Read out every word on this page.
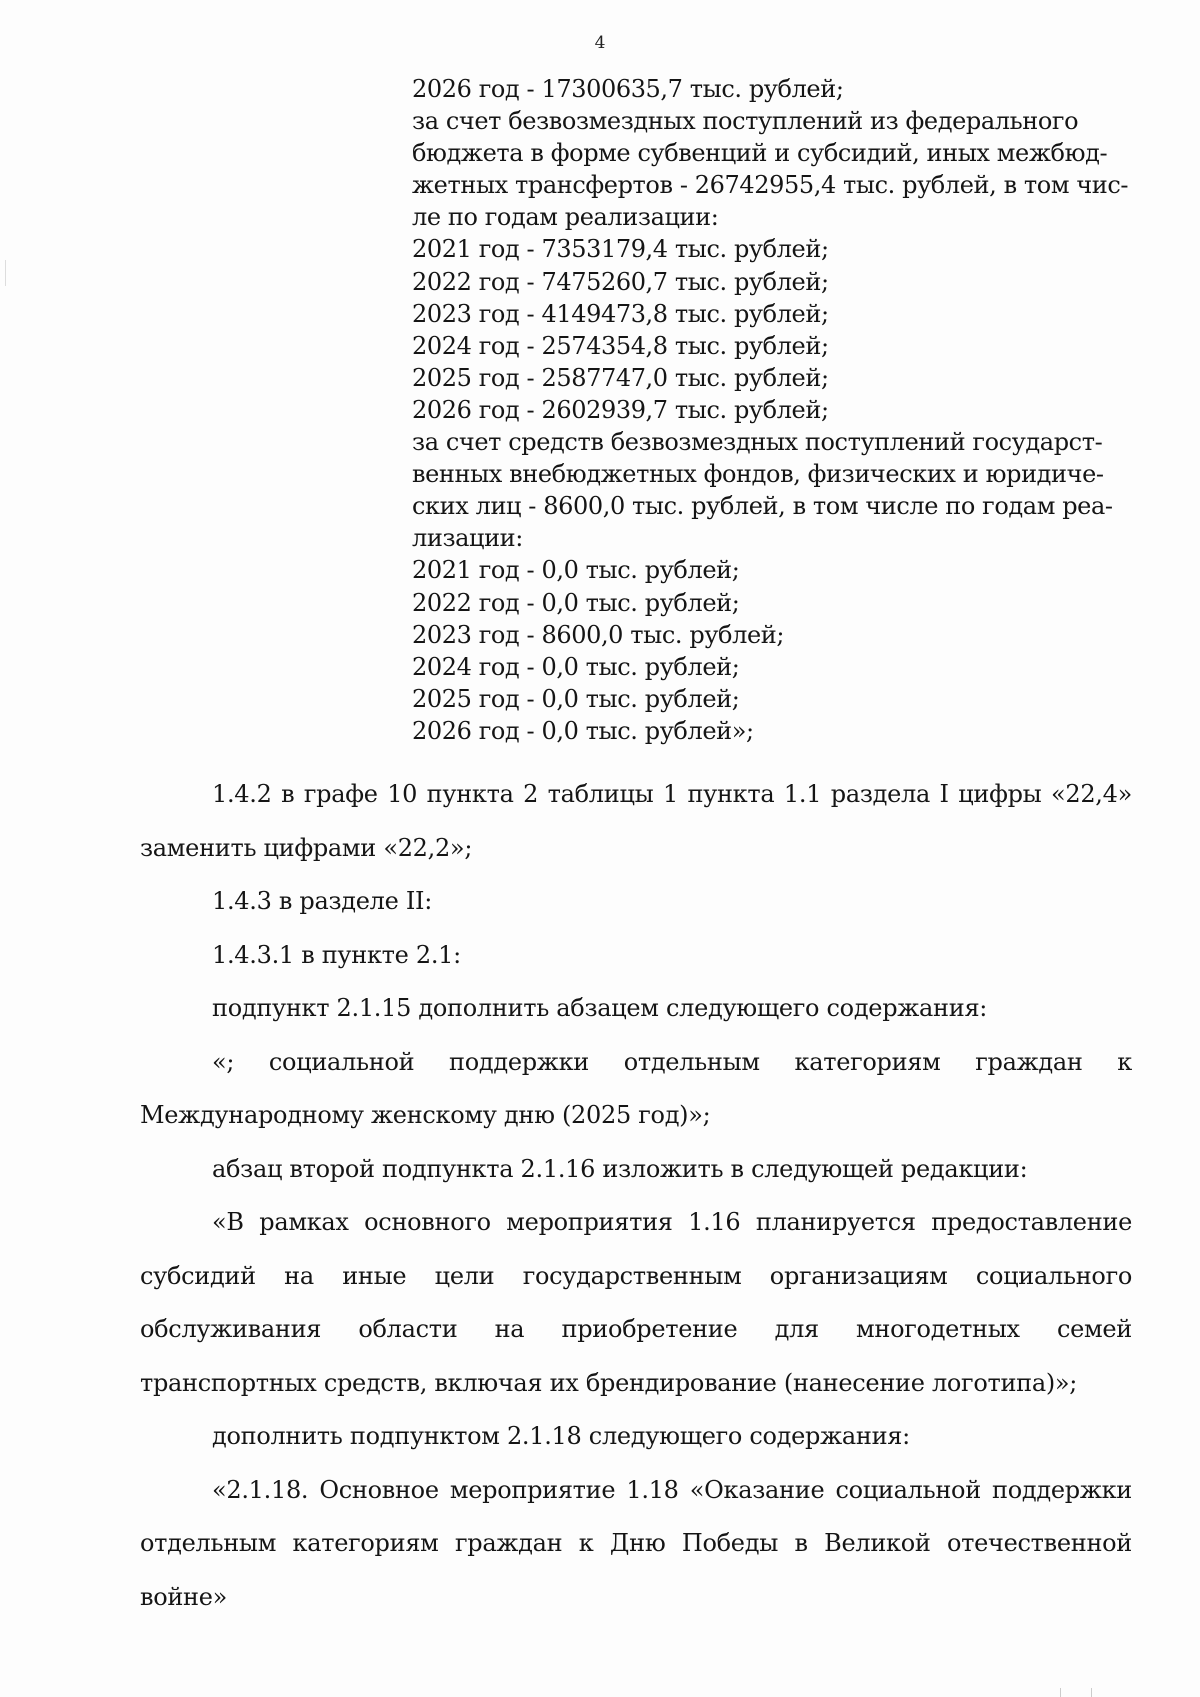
4
2026 год - 17300635,7 тыс. рублей;
за счет безвозмездных поступлений из федерального
бюджета в форме субвенций и субсидий, иных межбюд-
жетных трансфертов - 26742955,4 тыс. рублей, в том чис-
ле по годам реализации:
2021 год - 7353179,4 тыс. рублей;
2022 год - 7475260,7 тыс. рублей;
2023 год - 4149473,8 тыс. рублей;
2024 год - 2574354,8 тыс. рублей;
2025 год - 2587747,0 тыс. рублей;
2026 год - 2602939,7 тыс. рублей;
за счет средств безвозмездных поступлений государст-
венных внебюджетных фондов, физических и юридиче-
ских лиц - 8600,0 тыс. рублей, в том числе по годам реа-
лизации:
2021 год - 0,0 тыс. рублей;
2022 год - 0,0 тыс. рублей;
2023 год - 8600,0 тыс. рублей;
2024 год - 0,0 тыс. рублей;
2025 год - 0,0 тыс. рублей;
2026 год - 0,0 тыс. рублей»;

1.4.2 в графе 10 пункта 2 таблицы 1 пункта 1.1 раздела I цифры «22,4» заменить цифрами «22,2»;

1.4.3 в разделе II:

1.4.3.1 в пункте 2.1:

подпункт 2.1.15 дополнить абзацем следующего содержания:

«; социальной поддержки отдельным категориям граждан к Международному женскому дню (2025 год)»;

абзац второй подпункта 2.1.16 изложить в следующей редакции:

«В рамках основного мероприятия 1.16 планируется предоставление субсидий на иные цели государственным организациям социального обслуживания области на приобретение для многодетных семей транспортных средств, включая их брендирование (нанесение логотипа)»;

дополнить подпунктом 2.1.18 следующего содержания:

«2.1.18. Основное мероприятие 1.18 «Оказание социальной поддержки отдельным категориям граждан к Дню Победы в Великой отечественной войне»
